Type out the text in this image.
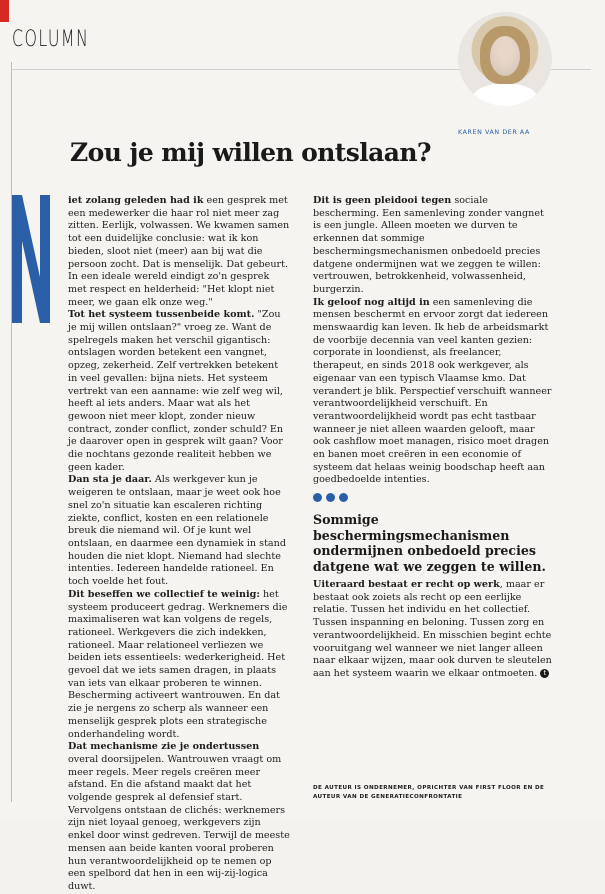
COLUMN
KAREN VAN DER AA
Zou je mij willen ontslaan?

iet zolang geleden had ik een gesprek met een medewerker die haar rol niet meer zag zitten. Eerlijk, volwassen. We kwamen samen tot een duidelijke conclusie: wat ik kon bieden, sloot niet (meer) aan bij wat die persoon zocht. Dat is menselijk. Dat gebeurt. In een ideale wereld eindigt zo'n gesprek met respect en helderheid: "Het klopt niet meer, we gaan elk onze weg."

Tot het systeem tussenbeide komt. "Zou je mij willen ontslaan?" vroeg ze. Want de spelregels maken het verschil gigantisch: ontslagen worden betekent een vangnet, opzeg, zekerheid. Zelf vertrekken betekent in veel gevallen: bijna niets. Het systeem vertrekt van een aanname: wie zelf weg wil, heeft al iets anders. Maar wat als het gewoon niet meer klopt, zonder nieuw contract, zonder conflict, zonder schuld? En je daarover open in gesprek wilt gaan? Voor die nochtans gezonde realiteit hebben we geen kader.

Dan sta je daar. Als werkgever kun je weigeren te ontslaan, maar je weet ook hoe snel zo'n situatie kan escaleren richting ziekte, conflict, kosten en een relationele breuk die niemand wil. Of je kunt wel ontslaan, en daarmee een dynamiek in stand houden die niet klopt. Niemand had slechte intenties. Iedereen handelde rationeel. En toch voelde het fout.

Dit beseffen we collectief te weinig: het systeem produceert gedrag. Werknemers die maximaliseren wat kan volgens de regels, rationeel. Werkgevers die zich indekken, rationeel. Maar relationeel verliezen we beiden iets essentieels: wederkerigheid. Het gevoel dat we iets samen dragen, in plaats van iets van elkaar proberen te winnen. Bescherming activeert wantrouwen. En dat zie je nergens zo scherp als wanneer een menselijk gesprek plots een strategische onderhandeling wordt.

Dat mechanisme zie je ondertussen overal doorsijpelen. Wantrouwen vraagt om meer regels. Meer regels creëren meer afstand. En die afstand maakt dat het volgende gesprek al defensief start. Vervolgens ontstaan de clichés: werknemers zijn niet loyaal genoeg, werkgevers zijn enkel door winst gedreven. Terwijl de meeste mensen aan beide kanten vooral proberen hun verantwoordelijkheid op te nemen op een spelbord dat hen in een wij-zij-logica duwt.

Dit is geen pleidooi tegen sociale bescherming. Een samenleving zonder vangnet is een jungle. Alleen moeten we durven te erkennen dat sommige beschermingsmechanismen onbedoeld precies datgene ondermijnen wat we zeggen te willen: vertrouwen, betrokkenheid, volwassenheid, burgerzin.

Ik geloof nog altijd in een samenleving die mensen beschermt en ervoor zorgt dat iedereen menswaardig kan leven. Ik heb de arbeidsmarkt de voorbije decennia van veel kanten gezien: corporate in loondienst, als freelancer, therapeut, en sinds 2018 ook werkgever, als eigenaar van een typisch Vlaamse kmo. Dat verandert je blik. Perspectief verschuift wanneer verantwoordelijkheid verschuift. En verantwoordelijkheid wordt pas echt tastbaar wanneer je niet alleen waarden gelooft, maar ook cashflow moet managen, risico moet dragen en banen moet creëren in een economie of systeem dat helaas weinig boodschap heeft aan goedbedoelde intenties.

Sommige beschermingsmechanismen ondermijnen onbedoeld precies datgene wat we zeggen te willen.

Uiteraard bestaat er recht op werk, maar er bestaat ook zoiets als recht op een eerlijke relatie. Tussen het individu en het collectief. Tussen inspanning en beloning. Tussen zorg en verantwoordelijkheid. En misschien begint echte vooruitgang wel wanneer we niet langer alleen naar elkaar wijzen, maar ook durven te sleutelen aan het systeem waarin we elkaar ontmoeten. t

DE AUTEUR IS ONDERNEMER, OPRICHTER VAN FIRST FLOOR EN DE AUTEUR VAN DE GENERATIECONFRONTATIE
